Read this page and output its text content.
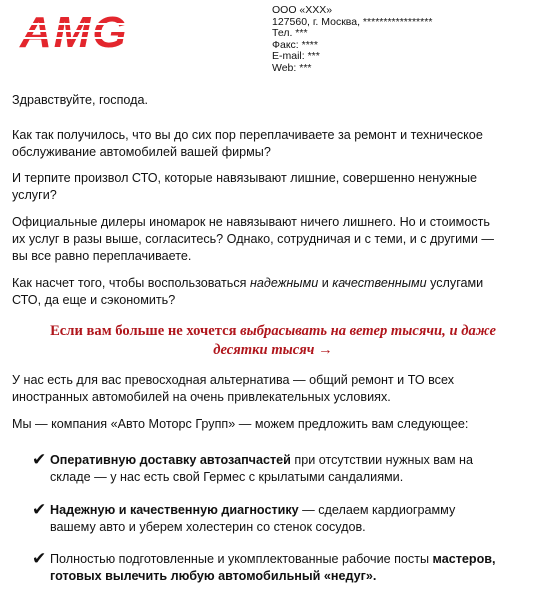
ООО «XXX»
127560, г. Москва, *****************
Тел. ***
Факс: ****
E-mail: ***
Web: ***

Здравствуйте, господа.

Как так получилось, что вы до сих пор переплачиваете за ремонт и техническое
обслуживание автомобилей вашей фирмы?

И терпите произвол СТО, которые навязывают лишние, совершенно ненужные
услуги?

Официальные дилеры иномарок не навязывают ничего лишнего. Но и стоимость
их услуг в разы выше, согласитесь? Однако, сотрудничая и с теми, и с другими —
вы все равно переплачиваете.

Как насчет того, чтобы воспользоваться надежными и качественными услугами
СТО, да еще и сэкономить?

Если вам больше не хочется выбрасывать на ветер тысячи, и даже
десятки тысяч →

У нас есть для вас превосходная альтернатива — общий ремонт и ТО всех
иностранных автомобилей на очень привлекательных условиях.

Мы — компания «Авто Моторс Групп» — можем предложить вам следующее:

✔ Оперативную доставку автозапчастей при отсутствии нужных вам на
складе — у нас есть свой Гермес с крылатыми сандалиями.
✔ Надежную и качественную диагностику — сделаем кардиограмму
вашему авто и уберем холестерин со стенок сосудов.
✔ Полностью подготовленные и укомплектованные рабочие посты мастеров,
готовых вылечить любую автомобильный «недуг».
